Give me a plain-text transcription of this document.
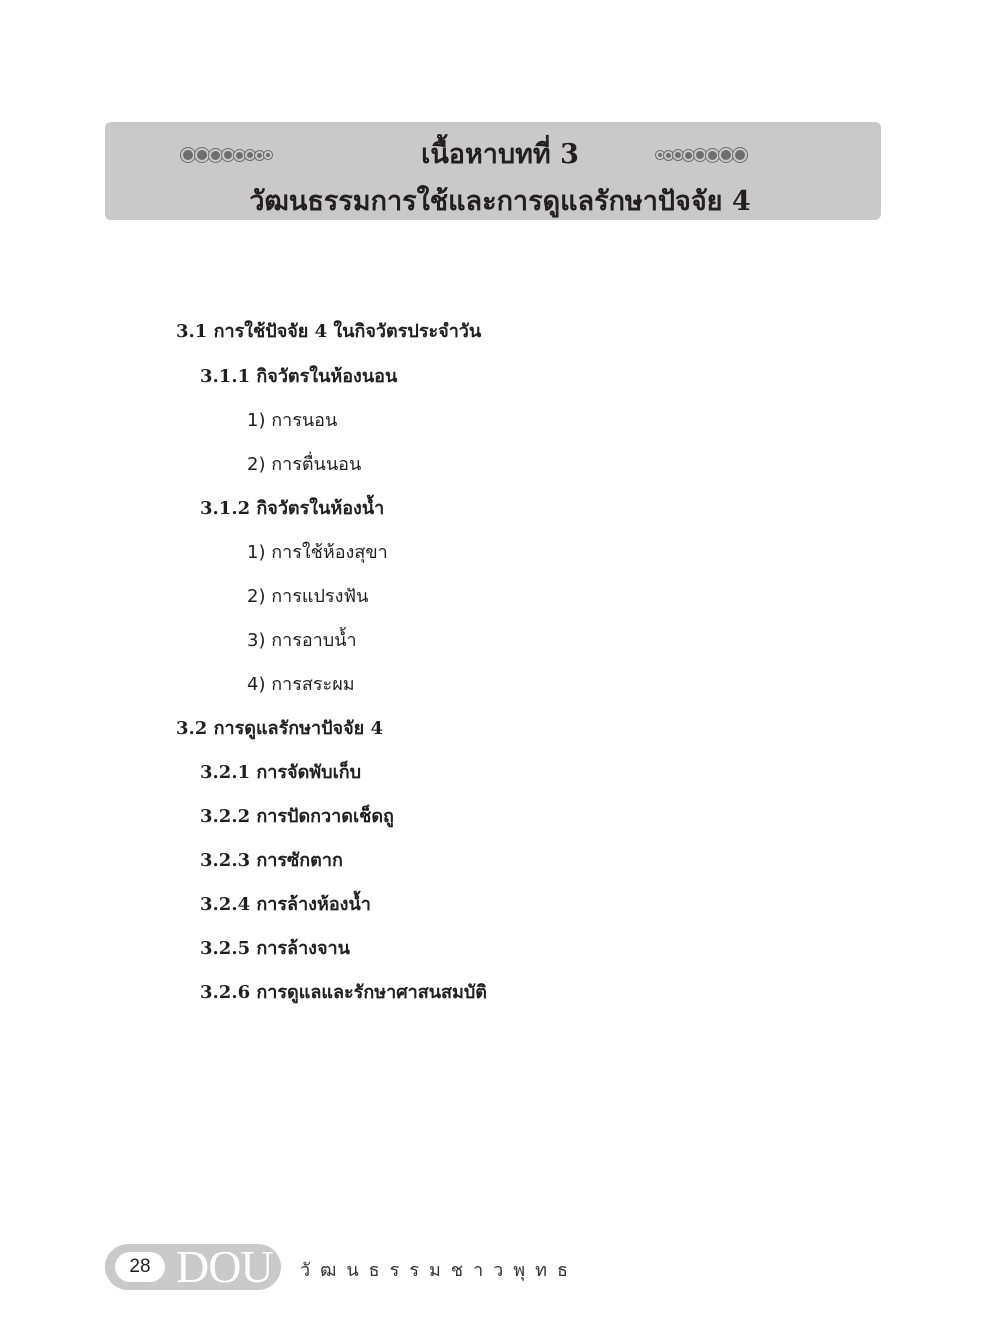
เนื้อหาบทที่ 3
วัฒนธรรมการใช้และการดูแลรักษาปัจจัย 4
3.1 การใช้ปัจจัย 4 ในกิจวัตรประจำวัน
3.1.1 กิจวัตรในห้องนอน
1) การนอน
2) การตื่นนอน
3.1.2 กิจวัตรในห้องน้ำ
1) การใช้ห้องสุขา
2) การแปรงฟัน
3) การอาบน้ำ
4) การสระผม
3.2 การดูแลรักษาปัจจัย 4
3.2.1 การจัดพับเก็บ
3.2.2 การปัดกวาดเช็ดถู
3.2.3 การซักตาก
3.2.4 การล้างห้องน้ำ
3.2.5 การล้างจาน
3.2.6 การดูแลและรักษาศาสนสมบัติ
28 DOU วัฒนธรรมชาวพุทธ
